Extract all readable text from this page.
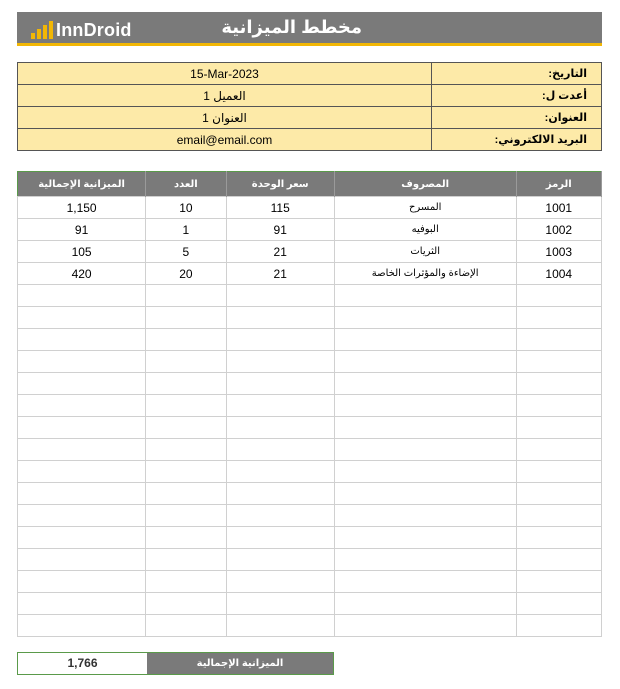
InnDroid	مخطط الميزانية
15-Mar-2023	التاريخ:
العميل 1	أعدت ل:
العنوان 1	العنوان:
email@email.com	البريد الالكتروني:
الميزانية الإجمالية	العدد	سعر الوحدة	المصروف	الرمز
1,150	10	115	المسرح	1001
91	1	91	البوفيه	1002
105	5	21	الثريات	1003
420	20	21	الإضاءة والمؤثرات الخاصة	1004

1,766	الميزانية الإجمالية
